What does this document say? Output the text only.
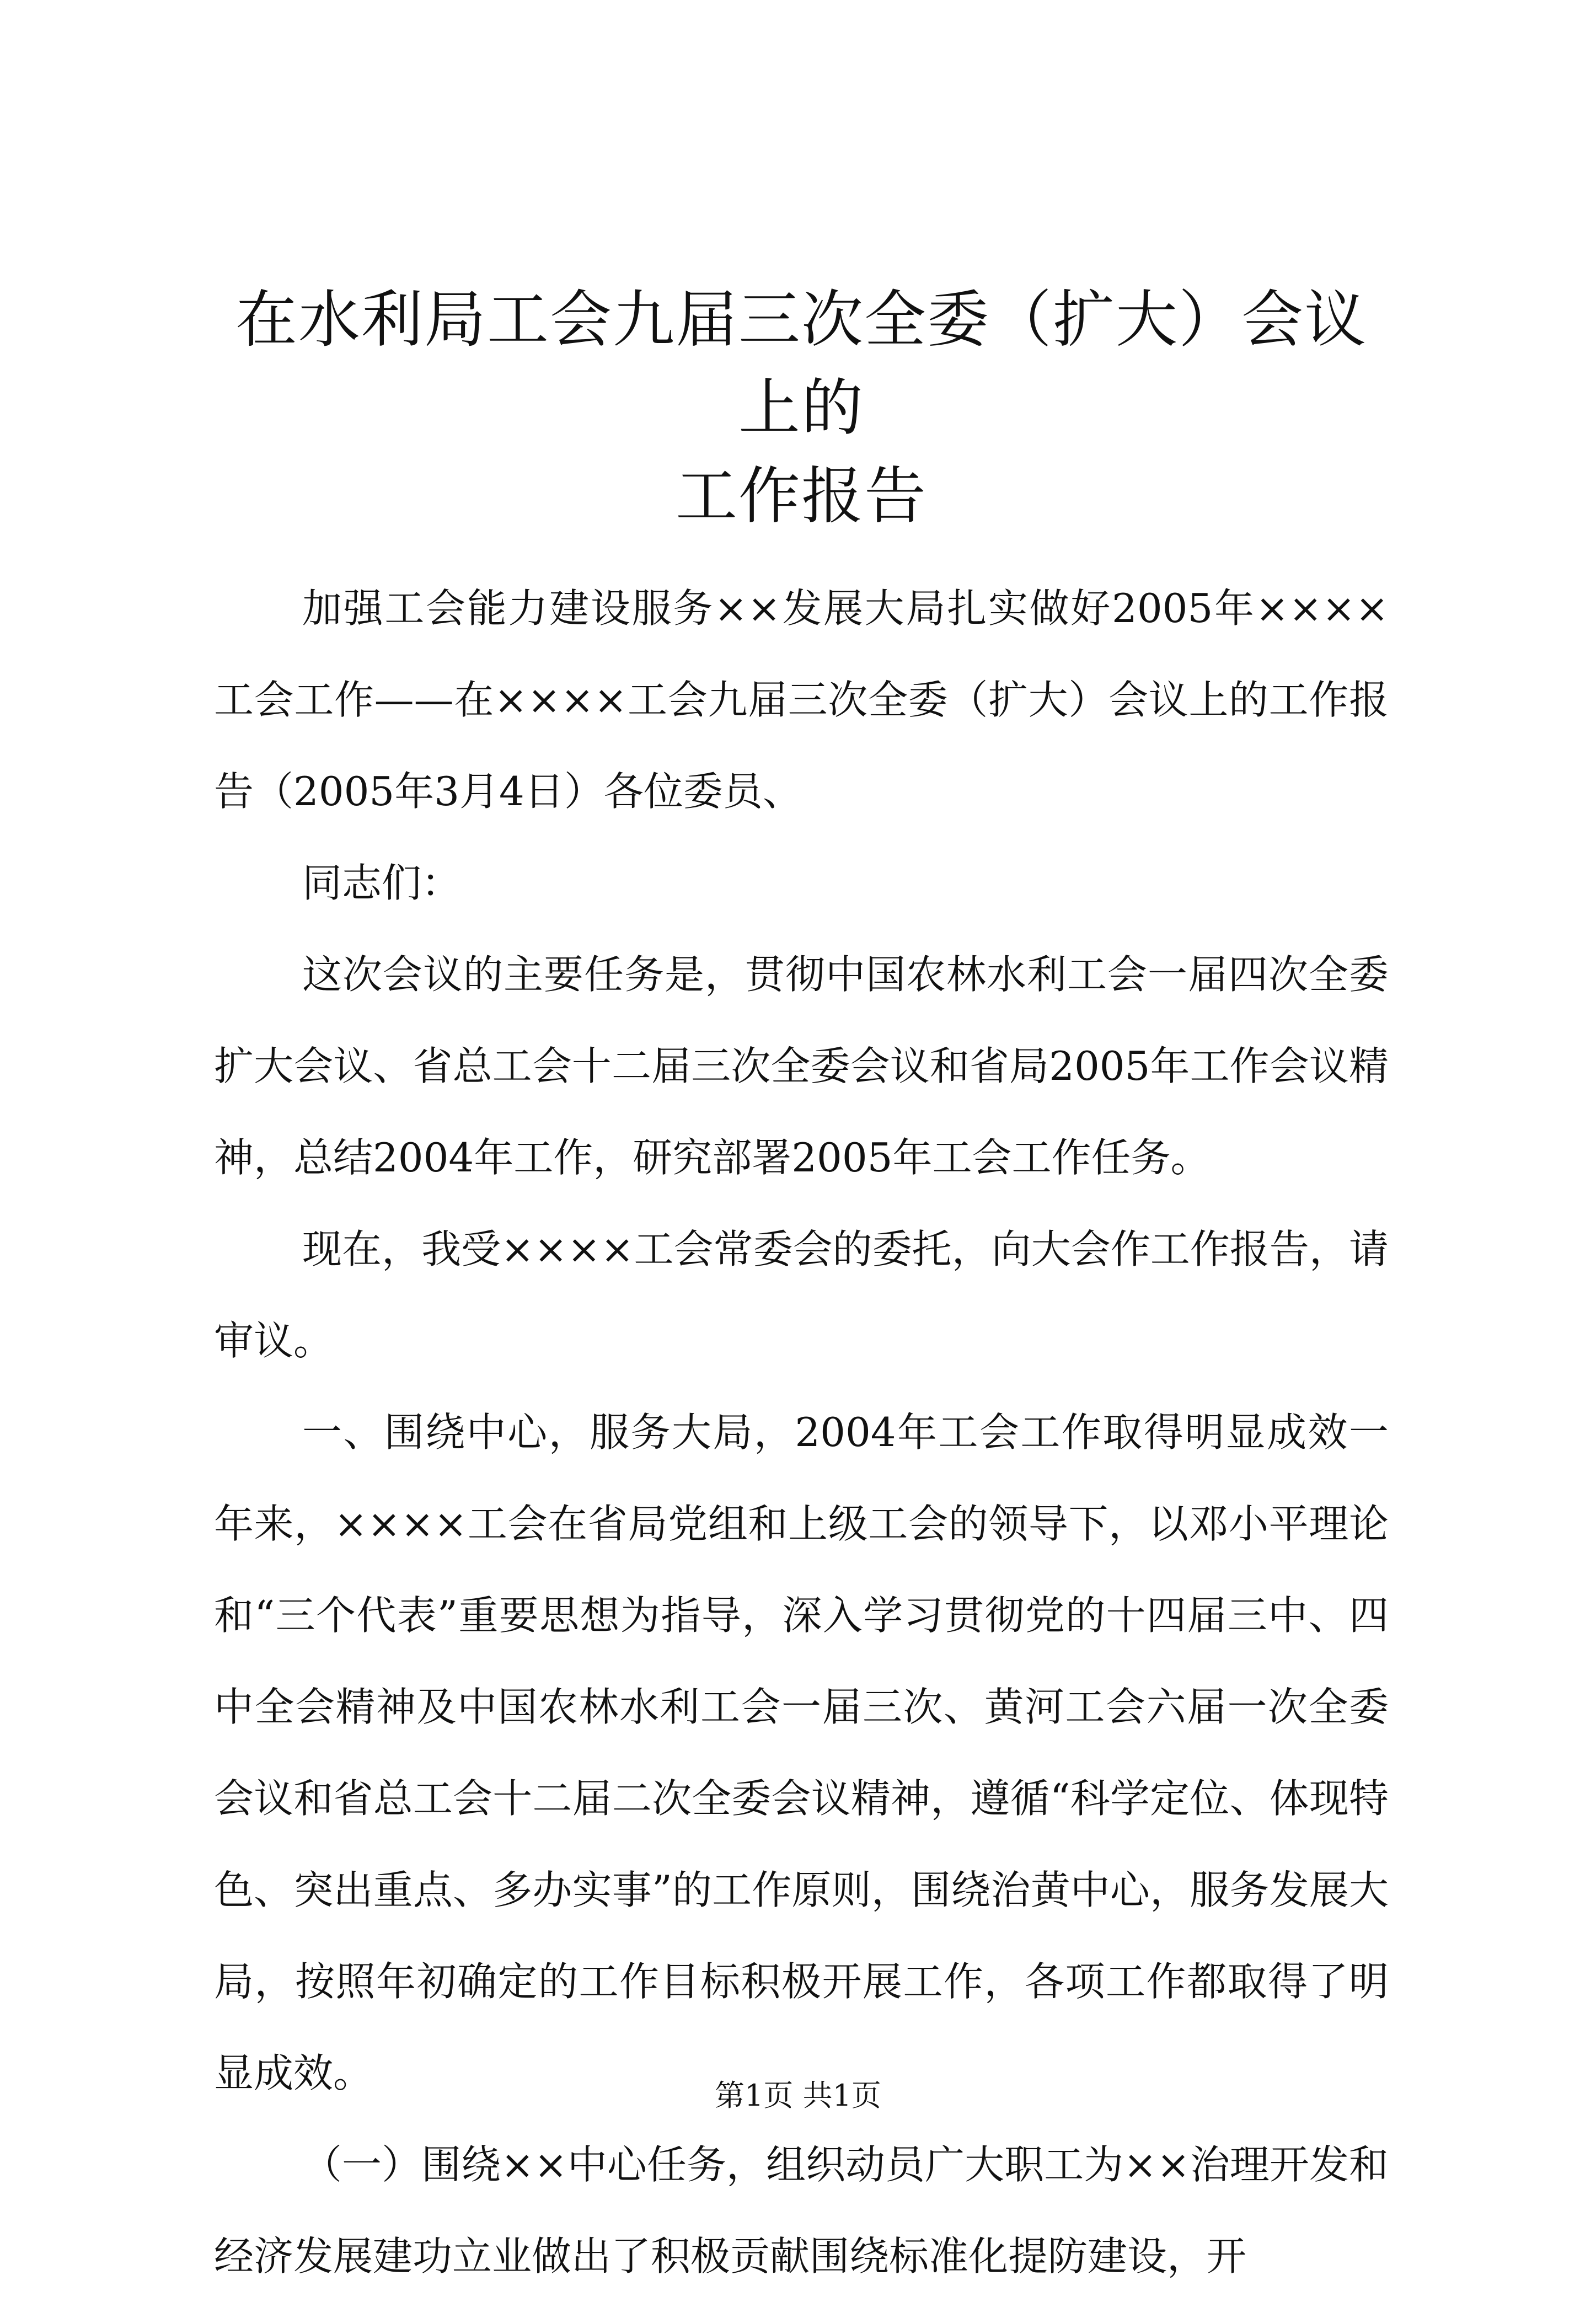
在水利局工会九届三次全委（扩大）会议上的
工作报告

加强工会能力建设服务××发展大局扎实做好2005年××××工会工作——在××××工会九届三次全委（扩大）会议上的工作报告（2005年3月4日）各位委员、

同志们：

这次会议的主要任务是，贯彻中国农林水利工会一届四次全委扩大会议、省总工会十二届三次全委会议和省局2005年工作会议精神，总结2004年工作，研究部署2005年工会工作任务。

现在，我受××××工会常委会的委托，向大会作工作报告，请审议。

一、围绕中心，服务大局，2004年工会工作取得明显成效一年来，××××工会在省局党组和上级工会的领导下，以邓小平理论和“三个代表”重要思想为指导，深入学习贯彻党的十四届三中、四中全会精神及中国农林水利工会一届三次、黄河工会六届一次全委会议和省总工会十二届二次全委会议精神，遵循“科学定位、体现特色、突出重点、多办实事”的工作原则，围绕治黄中心，服务发展大局，按照年初确定的工作目标积极开展工作，各项工作都取得了明显成效。

（一）围绕××中心任务，组织动员广大职工为××治理开发和经济发展建功立业做出了积极贡献围绕标准化提防建设，开

第1页 共1页
